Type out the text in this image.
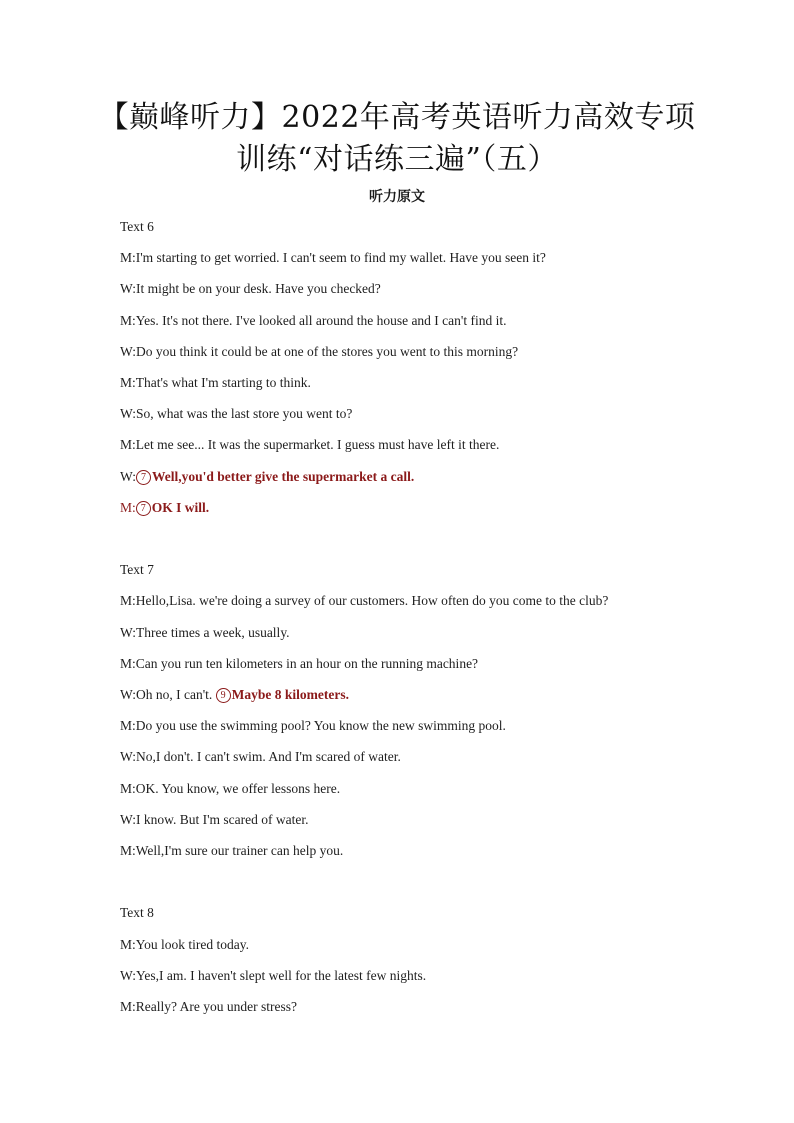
【巅峰听力】2022年高考英语听力高效专项
训练“对话练三遍”（五）
听力原文
Text 6
M:I'm starting to get worried. I can't seem to find my wallet. Have you seen it?
W:It might be on your desk. Have you checked?
M:Yes. It's not there. I've looked all around the house and I can't find it.
W:Do you think it could be at one of the stores you went to this morning?
M:That's what I'm starting to think.
W:So, what was the last store you went to?
M:Let me see... It was the supermarket. I guess must have left it there.
W: 7 Well,you'd better give the supermarket a call.
M: 7 OK I will.
Text 7
M:Hello,Lisa. we're doing a survey of our customers. How often do you come to the club?
W:Three times a week, usually.
M:Can you run ten kilometers in an hour on the running machine?
W:Oh no, I can't. 9 Maybe 8 kilometers.
M:Do you use the swimming pool? You know the new swimming pool.
W:No,I don't. I can't swim. And I'm scared of water.
M:OK. You know, we offer lessons here.
W:I know. But I'm scared of water.
M:Well,I'm sure our trainer can help you.
Text 8
M:You look tired today.
W:Yes,I am. I haven't slept well for the latest few nights.
M:Really? Are you under stress?
